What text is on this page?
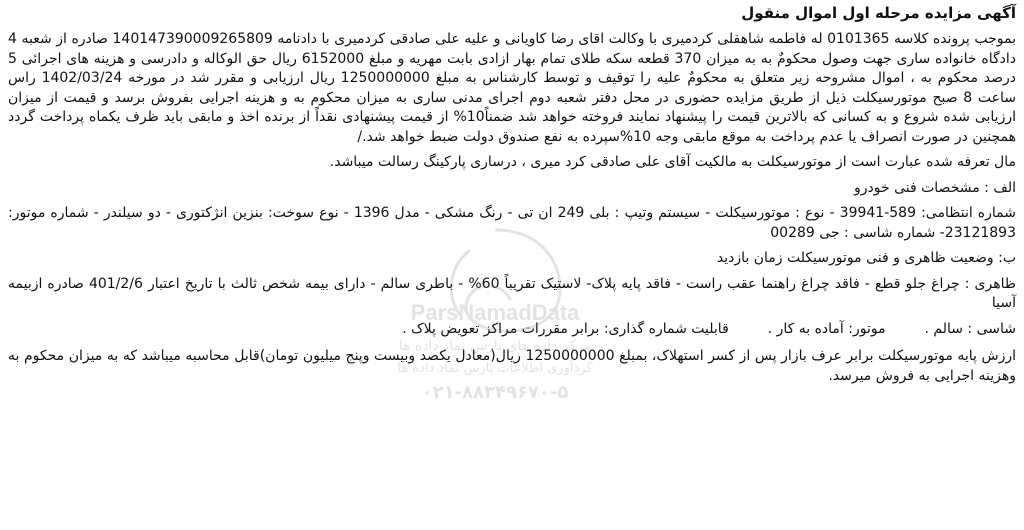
آگهی مزایده مرحله اول اموال منقول

بموجب پرونده کلاسه 0101365 له فاطمه شاهقلی کردمیری با وکالت اقای رضا کاویانی و علیه علی صادقی کردمیری با دادنامه 140147390009265809 صادره از شعبه 4 دادگاه خانواده ساری جهت وصول محکومٌ به به میزان 370 قطعه سکه طلای تمام بهار ازادی بابت مهریه و مبلغ 6152000 ریال حق الوکاله و دادرسی و هزینه های اجرائی 5 درصد محکوم به ، اموال مشروحه زیر متعلق به محکومٌ علیه را توقیف و توسط کارشناس به مبلغ 1250000000 ریال ارزیابی و مقرر شد در مورخه 1402/03/24 راس ساعت 8 صبح موتورسیکلت ذیل از طریق مزایده حضوری در محل دفتر شعبه دوم اجرای مدنی ساری به میزان محکوم به و هزینه اجرایی بفروش برسد و قیمت از میزان ارزیابی شده شروع و به کسانی که بالاترین قیمت را پیشنهاد نمایند فروخته خواهد شد ضمناً10% از قیمت پیشنهادی نقداً از برنده اخذ و مابقی باید ظرف یکماه پرداخت گردد همچنین در صورت انصراف یا عدم پرداخت به موقع مابقی وجه 10%سپرده به نفع صندوق دولت ضبط خواهد شد./

مال تعرفه شده عبارت است از موتورسیکلت به مالکیت آقای علی صادقی کرد میری ، درساری پارکینگ رسالت میباشد.

الف : مشخصات فنی خودرو

شماره انتظامی: 589-39941 - نوع : موتورسیکلت - سیستم وتیپ : بلی 249 ان تی - رنگ مشکی - مدل 1396 - نوع سوخت: بنزین انژکتوری - دو سیلندر - شماره موتور: 23121893- شماره شاسی : جی 00289

ب: وضعیت ظاهری و فنی موتورسیکلت زمان بازدید

ظاهری : چراغ جلو قطع - فاقد چراغ راهنما عقب راست - فاقد پایه پلاک- لاستیک تقریباً 60% - باطری سالم - دارای بیمه شخص ثالث با تاریخ اعتبار 401/2/6 صادره ازبیمه آسیا

شاسی : سالم .  موتور: آماده به کار .  قابلیت شماره گذاری: برابر مقررات مراکز تعویض پلاک .

ارزش پایه موتورسیکلت برابر عرف بازار پس از کسر استهلاک، بمبلغ 1250000000 ریال(معادل یکصد وبیست وپنج میلیون تومان)قابل محاسبه میباشد که به میزان محکوم به وهزینه اجرایی به فروش میرسد.

ParsNamadData
مرکز داده های پارس نماد داده ها
گردآوری اطلاعات پارس نماد داده ها
۰۲۱-۸۸۳۴۹۶۷۰-۵
